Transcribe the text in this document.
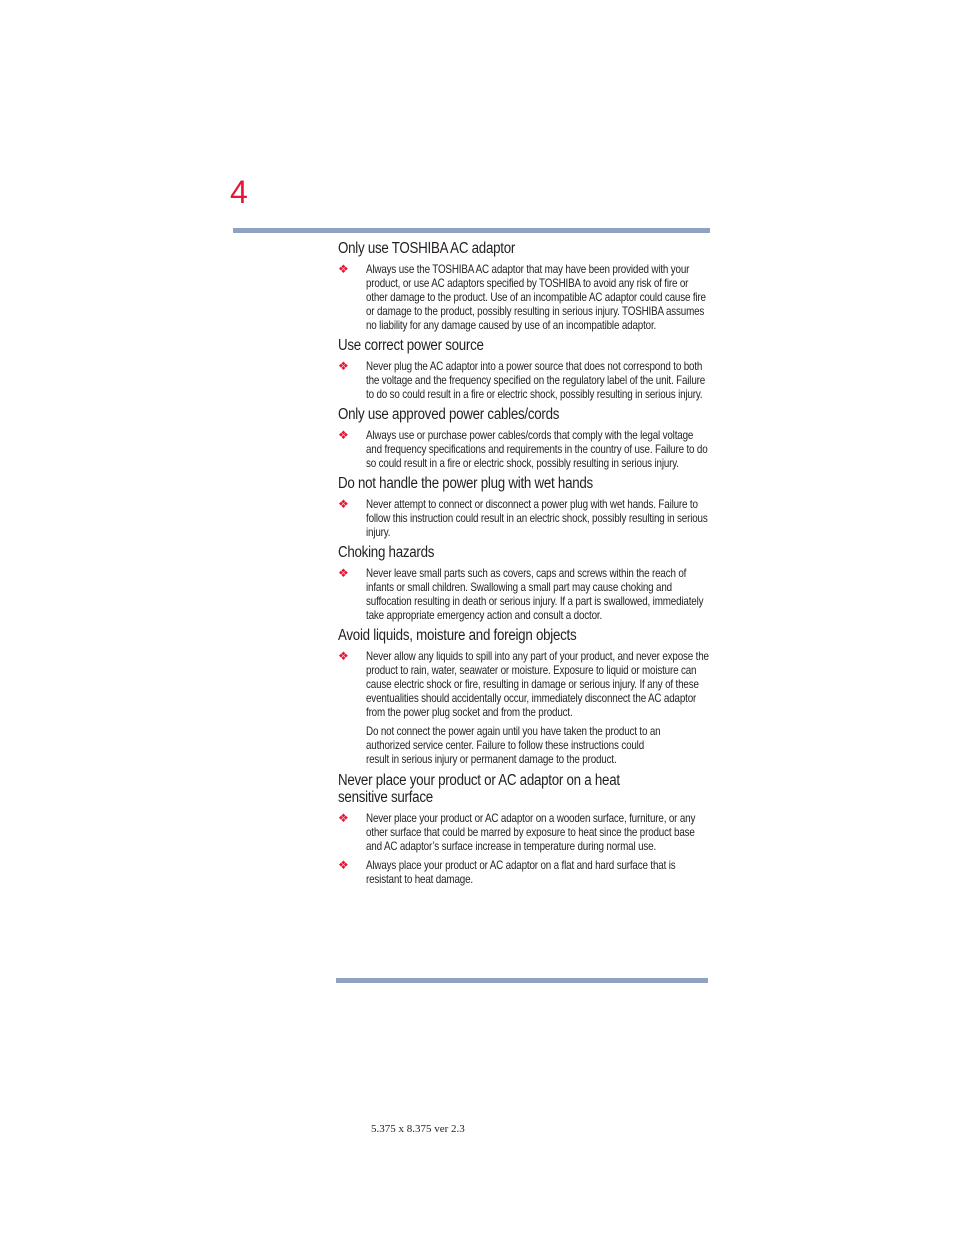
4
Only use TOSHIBA AC adaptor
❖ Always use the TOSHIBA AC adaptor that may have been provided with your product, or use AC adaptors specified by TOSHIBA to avoid any risk of fire or other damage to the product. Use of an incompatible AC adaptor could cause fire or damage to the product, possibly resulting in serious injury. TOSHIBA assumes no liability for any damage caused by use of an incompatible adaptor.
Use correct power source
❖ Never plug the AC adaptor into a power source that does not correspond to both the voltage and the frequency specified on the regulatory label of the unit. Failure to do so could result in a fire or electric shock, possibly resulting in serious injury.
Only use approved power cables/cords
❖ Always use or purchase power cables/cords that comply with the legal voltage and frequency specifications and requirements in the country of use. Failure to do so could result in a fire or electric shock, possibly resulting in serious injury.
Do not handle the power plug with wet hands
❖ Never attempt to connect or disconnect a power plug with wet hands. Failure to follow this instruction could result in an electric shock, possibly resulting in serious injury.
Choking hazards
❖ Never leave small parts such as covers, caps and screws within the reach of infants or small children. Swallowing a small part may cause choking and suffocation resulting in death or serious injury. If a part is swallowed, immediately take appropriate emergency action and consult a doctor.
Avoid liquids, moisture and foreign objects
❖ Never allow any liquids to spill into any part of your product, and never expose the product to rain, water, seawater or moisture. Exposure to liquid or moisture can cause electric shock or fire, resulting in damage or serious injury. If any of these eventualities should accidentally occur, immediately disconnect the AC adaptor from the power plug socket and from the product.
Do not connect the power again until you have taken the product to an authorized service center. Failure to follow these instructions could result in serious injury or permanent damage to the product.
Never place your product or AC adaptor on a heat
sensitive surface
❖ Never place your product or AC adaptor on a wooden surface, furniture, or any other surface that could be marred by exposure to heat since the product base and AC adaptor’s surface increase in temperature during normal use.
❖ Always place your product or AC adaptor on a flat and hard surface that is resistant to heat damage.
5.375 x 8.375 ver 2.3
